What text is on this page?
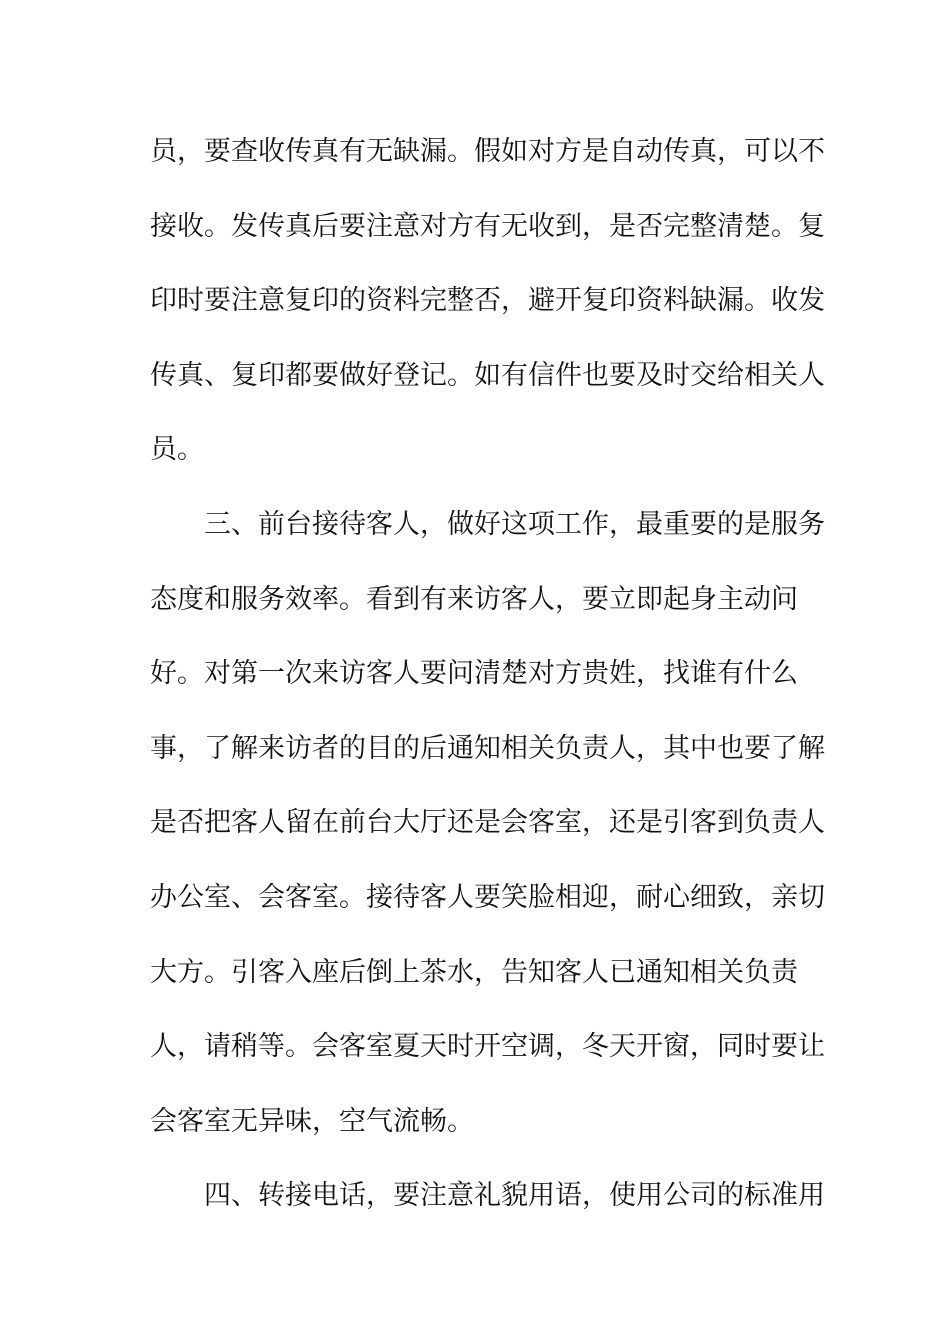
员，要查收传真有无缺漏。假如对方是自动传真，可以不
接收。发传真后要注意对方有无收到，是否完整清楚。复
印时要注意复印的资料完整否，避开复印资料缺漏。收发
传真、复印都要做好登记。如有信件也要及时交给相关人
员。
三、前台接待客人，做好这项工作，最重要的是服务
态度和服务效率。看到有来访客人，要立即起身主动问
好。对第一次来访客人要问清楚对方贵姓，找谁有什么
事，了解来访者的目的后通知相关负责人，其中也要了解
是否把客人留在前台大厅还是会客室，还是引客到负责人
办公室、会客室。接待客人要笑脸相迎，耐心细致，亲切
大方。引客入座后倒上茶水，告知客人已通知相关负责
人，请稍等。会客室夏天时开空调，冬天开窗，同时要让
会客室无异味，空气流畅。
四、转接电话，要注意礼貌用语，使用公司的标准用
